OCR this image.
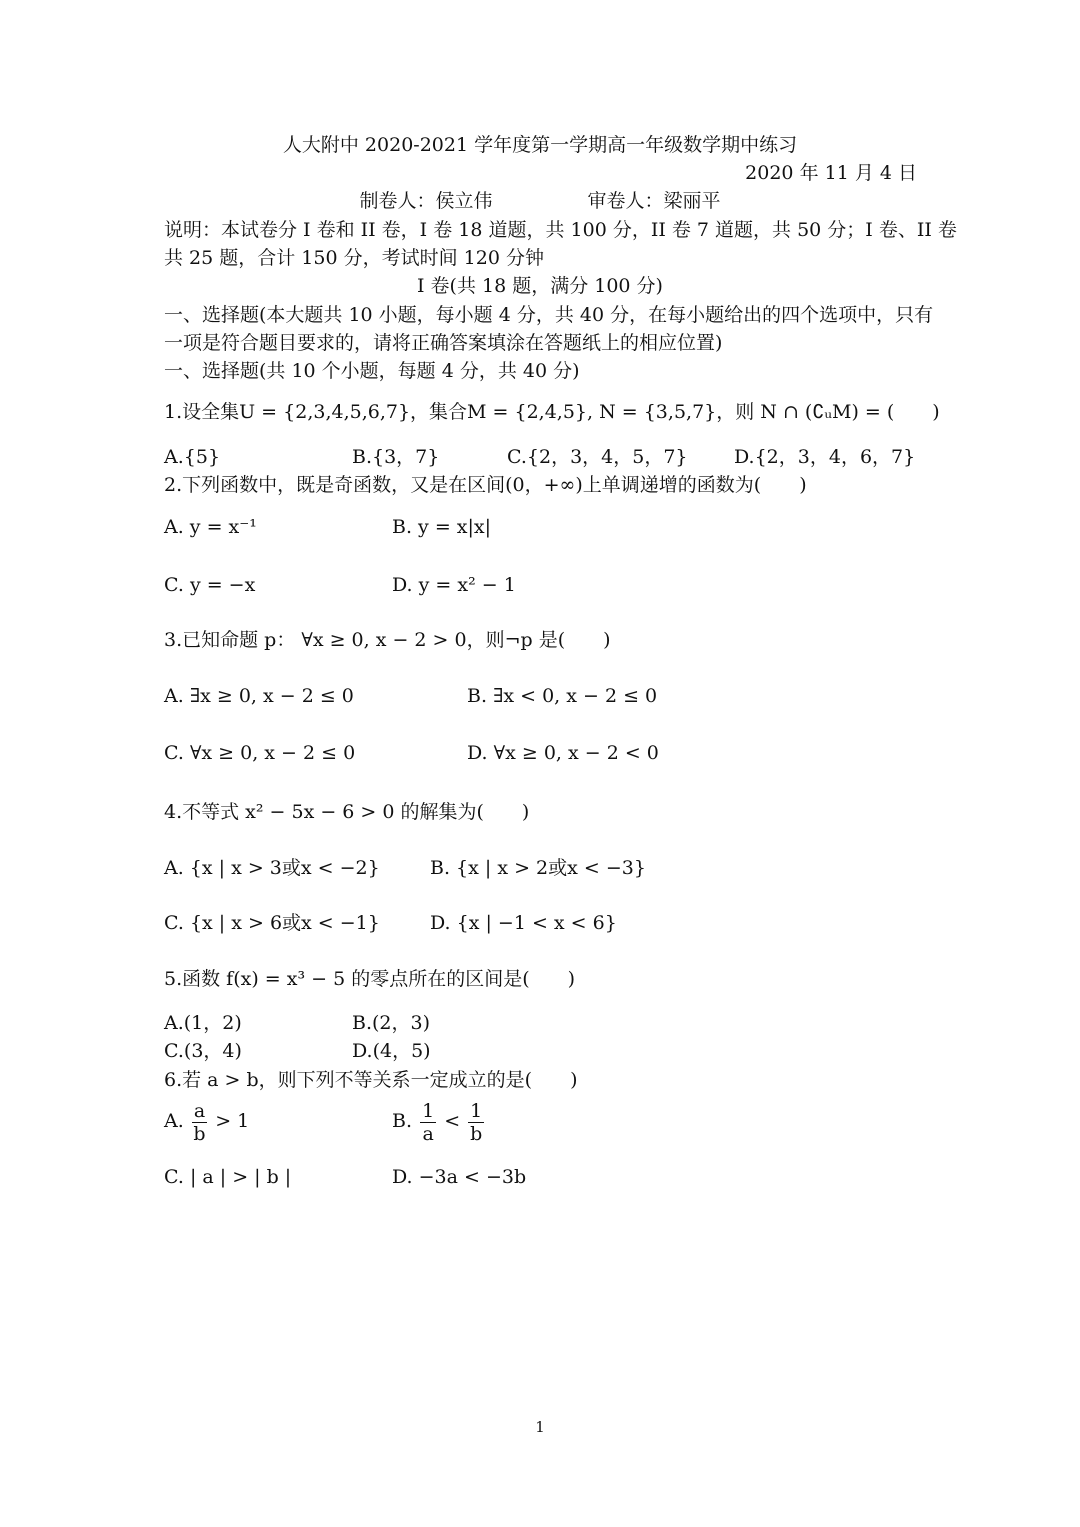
人大附中 2020-2021 学年度第一学期高一年级数学期中练习
2020 年 11 月 4 日
制卷人：侯立伟　　　　　审卷人：梁丽平
说明：本试卷分 I 卷和 II 卷，I 卷 18 道题，共 100 分，II 卷 7 道题，共 50 分；I 卷、II 卷
共 25 题，合计 150 分，考试时间 120 分钟
I 卷(共 18 题，满分 100 分)
一、选择题(本大题共 10 小题，每小题 4 分，共 40 分，在每小题给出的四个选项中，只有
一项是符合题目要求的，请将正确答案填涂在答题纸上的相应位置)
一、选择题(共 10 个小题，每题 4 分，共 40 分)
1.设全集U = {2,3,4,5,6,7}，集合M = {2,4,5}, N = {3,5,7}，则 N ∩ (∁ᵤM) = (　　)
A.{5}	B.{3，7}	C.{2，3，4，5，7} D.{2，3，4，6，7}
2.下列函数中，既是奇函数，又是在区间(0，+∞)上单调递增的函数为(　　)
A. y = x⁻¹	B. y = x|x|
C. y = −x	D. y = x² − 1
3.已知命题 p： ∀x ≥ 0, x − 2 > 0，则¬p 是(　　)
A. ∃x ≥ 0, x − 2 ≤ 0	B. ∃x < 0, x − 2 ≤ 0
C. ∀x ≥ 0, x − 2 ≤ 0	D. ∀x ≥ 0, x − 2 < 0
4.不等式 x² − 5x − 6 > 0 的解集为(　　)
A. {x | x > 3或x < −2}	B. {x | x > 2或x < −3}
C. {x | x > 6或x < −1}	D. {x | −1 < x < 6}
5.函数 f(x) = x³ − 5 的零点所在的区间是(　　)
A.(1，2)	B.(2，3)
C.(3，4)	D.(4，5)
6.若 a > b，则下列不等关系一定成立的是(　　)
A. $\frac{a}{b} > 1$	B. $\frac{1}{a} < \frac{1}{b}$
C. | a | > | b |	D. −3a < −3b
1
